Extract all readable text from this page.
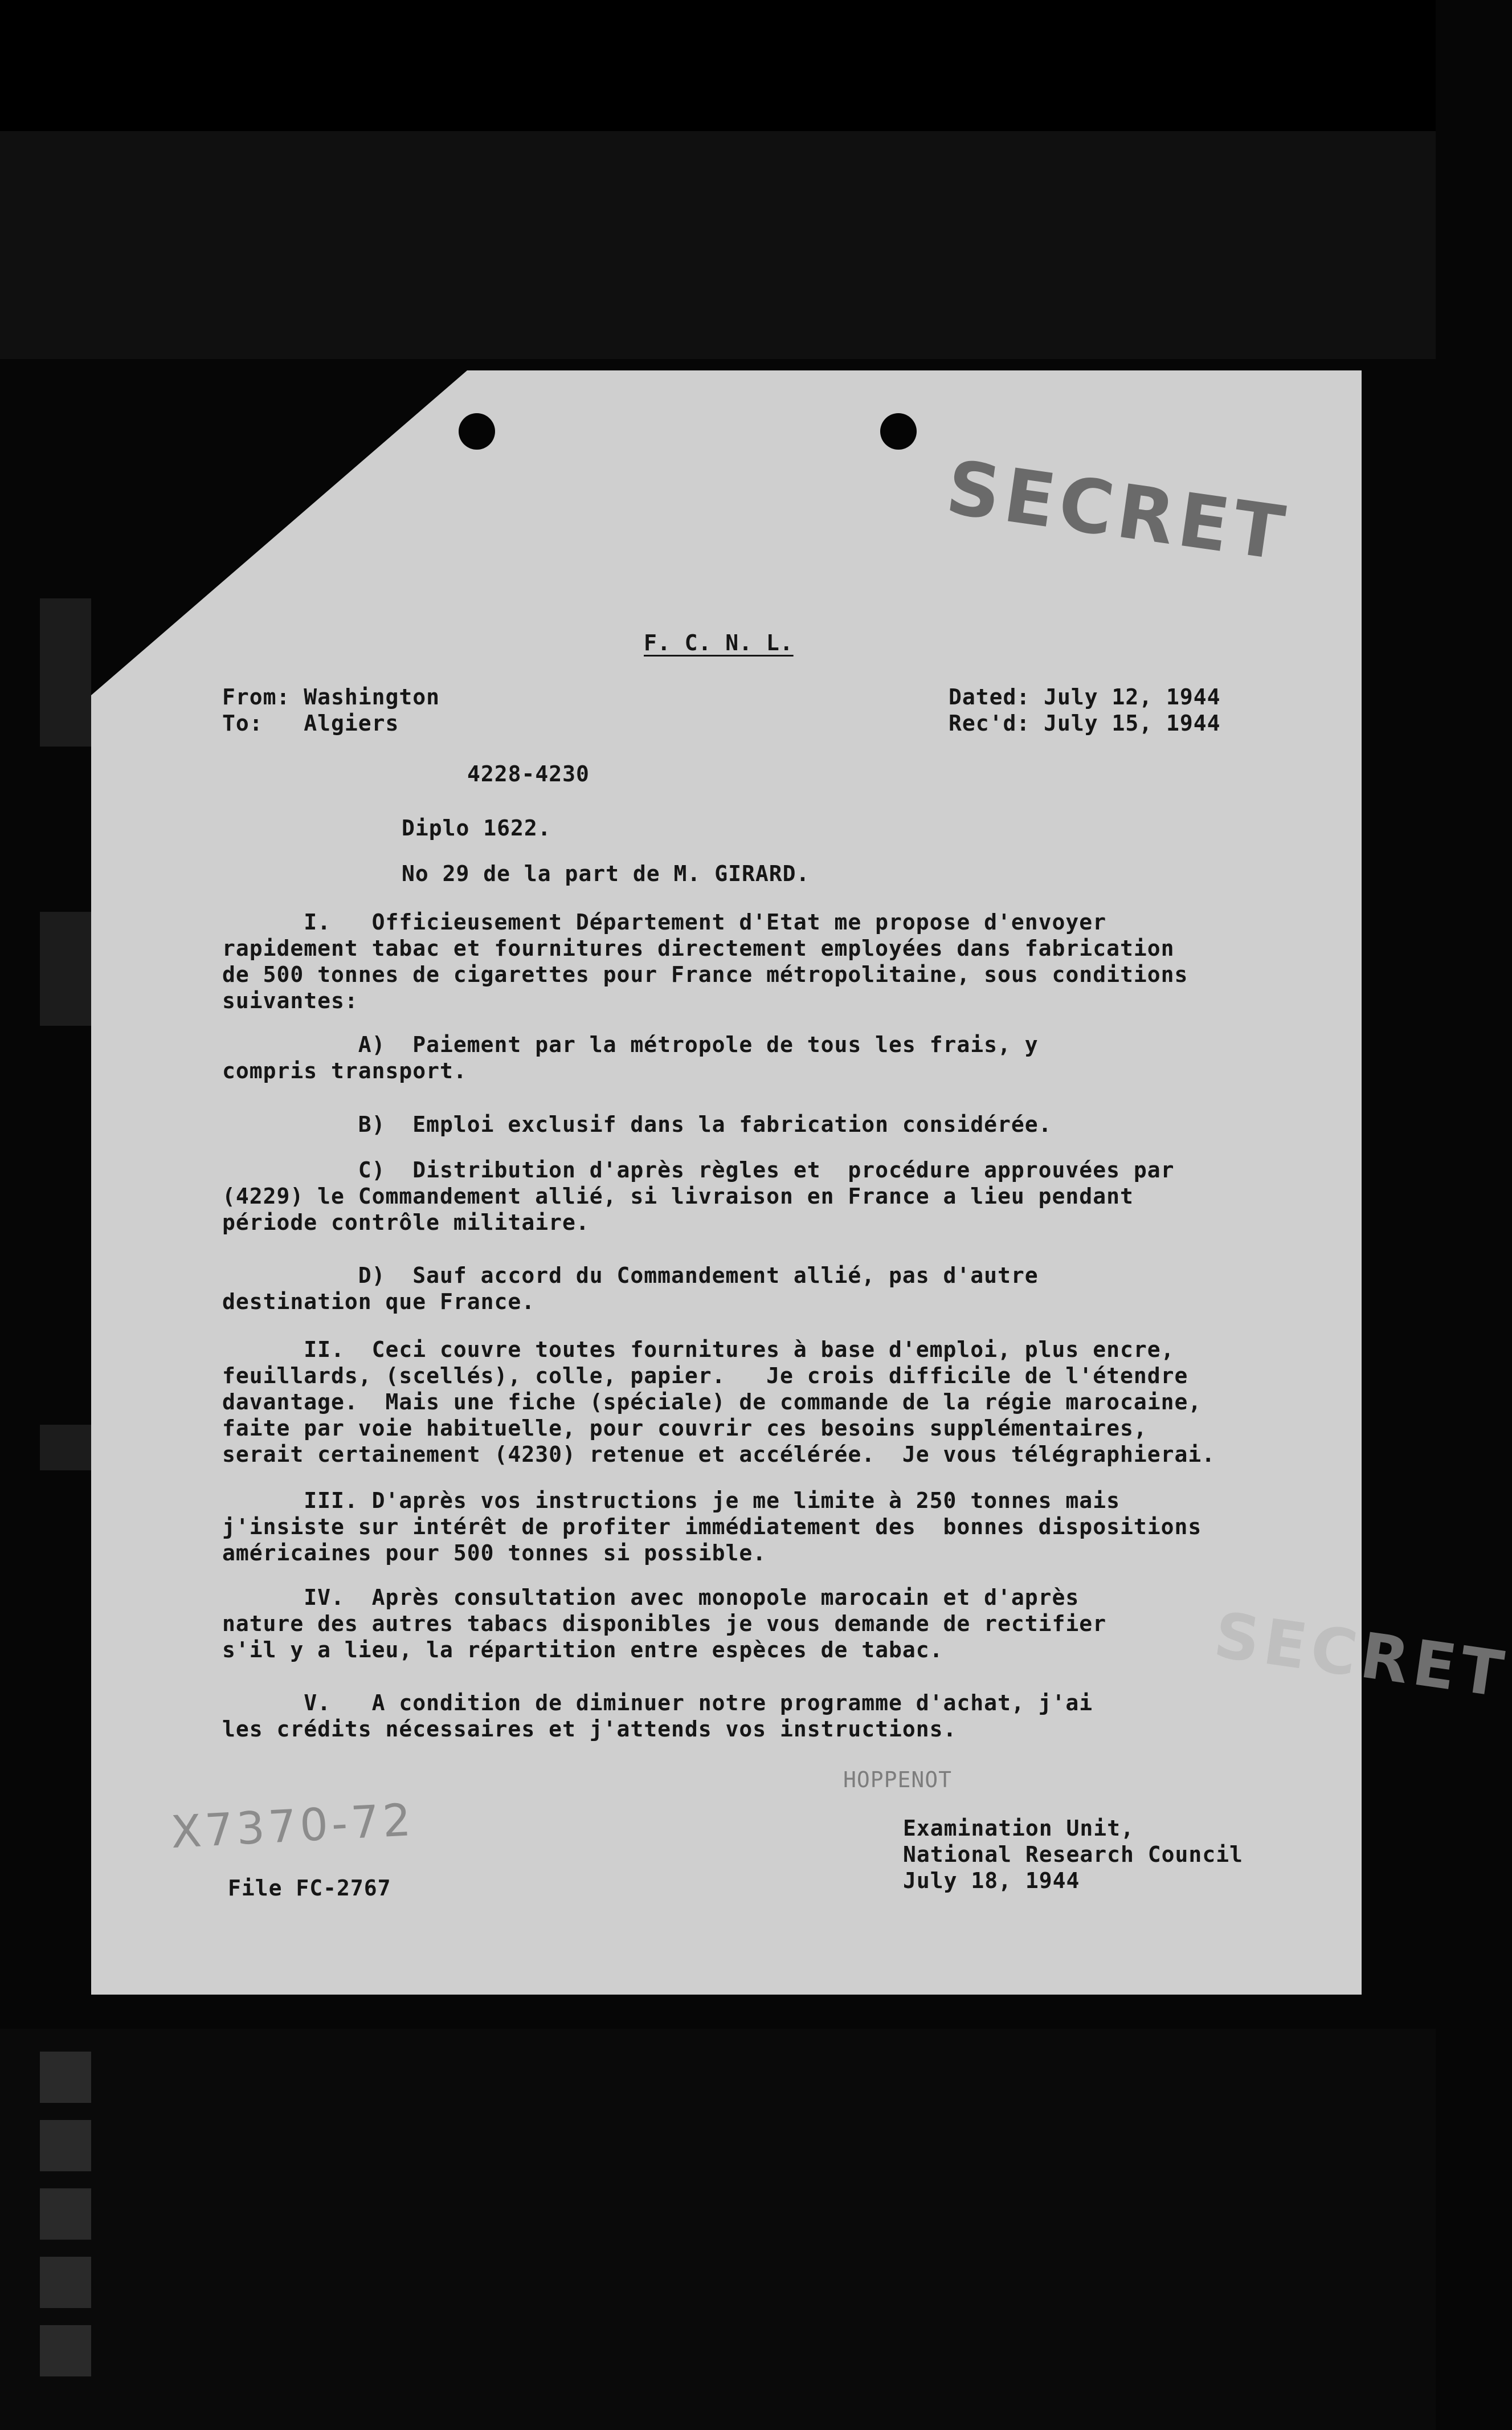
SECRET
SECRET
F. C. N. L.
From: Washington
To:   Algiers
Dated: July 12, 1944
Rec'd: July 15, 1944
4228-4230
Diplo 1622.
No 29 de la part de M. GIRARD.
I.   Officieusement Département d'Etat me propose d'envoyer
rapidement tabac et fournitures directement employées dans fabrication
de 500 tonnes de cigarettes pour France métropolitaine, sous conditions
suivantes:
A)  Paiement par la métropole de tous les frais, y
compris transport.
B)  Emploi exclusif dans la fabrication considérée.
C)  Distribution d'après règles et  procédure approuvées par
(4229) le Commandement allié, si livraison en France a lieu pendant
période contrôle militaire.
D)  Sauf accord du Commandement allié, pas d'autre
destination que France.
II.  Ceci couvre toutes fournitures à base d'emploi, plus encre,
feuillards, (scellés), colle, papier.   Je crois difficile de l'étendre
davantage.  Mais une fiche (spéciale) de commande de la régie marocaine,
faite par voie habituelle, pour couvrir ces besoins supplémentaires,
serait certainement (4230) retenue et accélérée.  Je vous télégraphierai.
III. D'après vos instructions je me limite à 250 tonnes mais
j'insiste sur intérêt de profiter immédiatement des  bonnes dispositions
américaines pour 500 tonnes si possible.
IV.  Après consultation avec monopole marocain et d'après
nature des autres tabacs disponibles je vous demande de rectifier
s'il y a lieu, la répartition entre espèces de tabac.
V.   A condition de diminuer notre programme d'achat, j'ai
les crédits nécessaires et j'attends vos instructions.
HOPPENOT
Examination Unit,
National Research Council
July 18, 1944
X7370-72
File FC-2767
